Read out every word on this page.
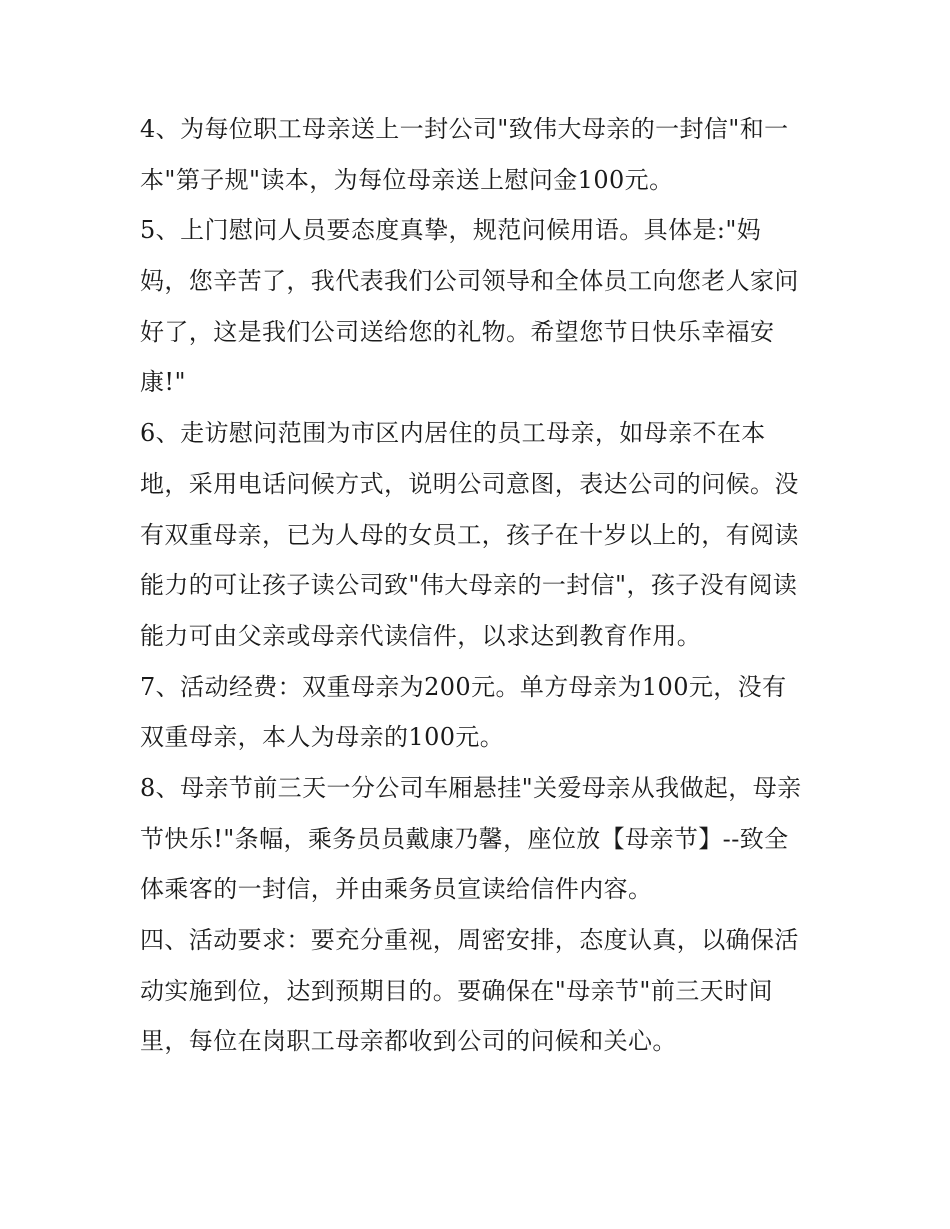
4、为每位职工母亲送上一封公司"致伟大母亲的一封信"和一
本"第子规"读本，为每位母亲送上慰问金100元。
5、上门慰问人员要态度真挚，规范问候用语。具体是:"妈
妈，您辛苦了，我代表我们公司领导和全体员工向您老人家问
好了，这是我们公司送给您的礼物。希望您节日快乐幸福安
康!"
6、走访慰问范围为市区内居住的员工母亲，如母亲不在本
地，采用电话问候方式，说明公司意图，表达公司的问候。没
有双重母亲，已为人母的女员工，孩子在十岁以上的，有阅读
能力的可让孩子读公司致"伟大母亲的一封信"，孩子没有阅读
能力可由父亲或母亲代读信件，以求达到教育作用。
7、活动经费：双重母亲为200元。单方母亲为100元，没有
双重母亲，本人为母亲的100元。
8、母亲节前三天一分公司车厢悬挂"关爱母亲从我做起，母亲
节快乐!"条幅，乘务员员戴康乃馨，座位放【母亲节】--致全
体乘客的一封信，并由乘务员宣读给信件内容。
四、活动要求：要充分重视，周密安排，态度认真，以确保活
动实施到位，达到预期目的。要确保在"母亲节"前三天时间
里，每位在岗职工母亲都收到公司的问候和关心。
